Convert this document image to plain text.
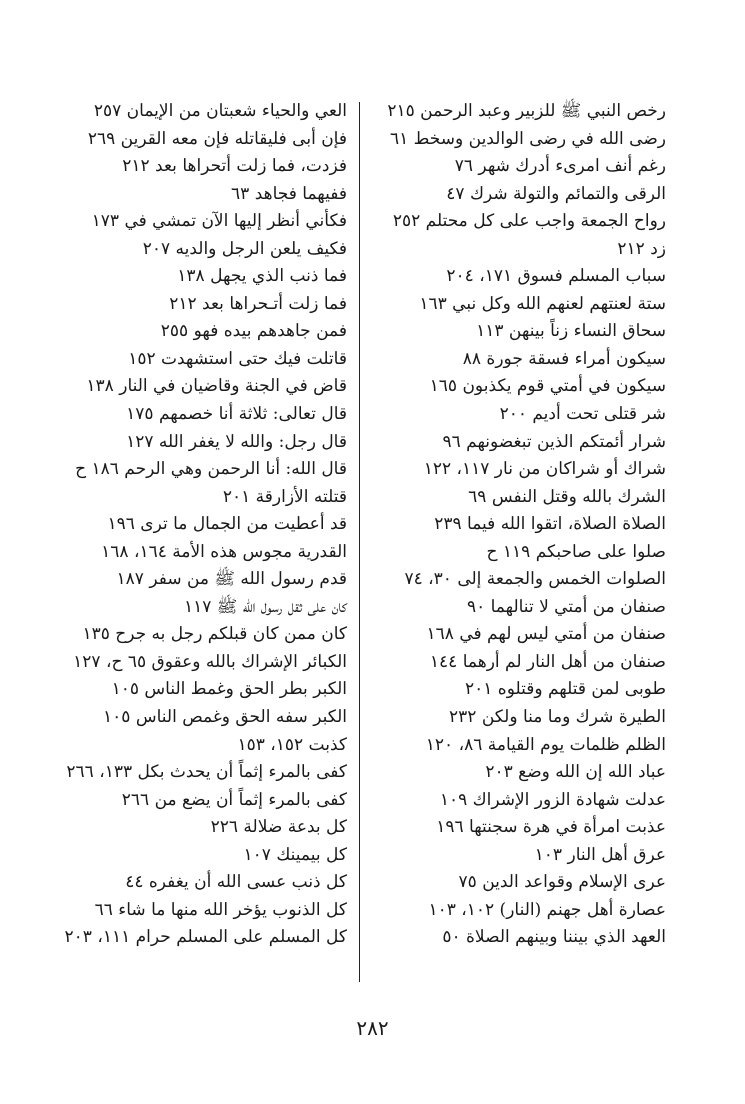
رخص النبي ﷺ للزبير وعبد الرحمن ٢١٥
رضى الله في رضى الوالدين وسخط ٦١
رغم أنف امرىء أدرك شهر ٧٦
الرقى والتمائم والتولة شرك ٤٧
رواح الجمعة واجب على كل محتلم ٢٥٢
زد ٢١٢
سباب المسلم فسوق ١٧١، ٢٠٤
ستة لعنتهم لعنهم الله وكل نبي ١٦٣
سحاق النساء زناً بينهن ١١٣
سيكون أمراء فسقة جورة ٨٨
سيكون في أمتي قوم يكذبون ١٦٥
شر قتلى تحت أديم ٢٠٠
شرار أئمتكم الذين تبغضونهم ٩٦
شراك أو شراكان من نار ١١٧، ١٢٢
الشرك بالله وقتل النفس ٦٩
الصلاة الصلاة، اتقوا الله فيما ٢٣٩
صلوا على صاحبكم ١١٩ ح
الصلوات الخمس والجمعة إلى ٣٠، ٧٤
صنفان من أمتي لا تنالهما ٩٠
صنفان من أمتي ليس لهم في ١٦٨
صنفان من أهل النار لم أرهما ١٤٤
طوبى لمن قتلهم وقتلوه ٢٠١
الطيرة شرك وما منا ولكن ٢٣٢
الظلم ظلمات يوم القيامة ٨٦، ١٢٠
عباد الله إن الله وضع ٢٠٣
عدلت شهادة الزور الإشراك ١٠٩
عذبت امرأة في هرة سجنتها ١٩٦
عرق أهل النار ١٠٣
عرى الإسلام وقواعد الدين ٧٥
عصارة أهل جهنم (النار) ١٠٢، ١٠٣
العهد الذي بيننا وبينهم الصلاة ٥٠
العي والحياء شعبتان من الإيمان ٢٥٧
فإن أبى فليقاتله فإن معه القرين ٢٦٩
فزدت، فما زلت أتحراها بعد ٢١٢
ففيهما فجاهد ٦٣
فكأني أنظر إليها الآن تمشي في ١٧٣
فكيف يلعن الرجل والديه ٢٠٧
فما ذنب الذي يجهل ١٣٨
فما زلت أتـحراها بعد ٢١٢
فمن جاهدهم بيده فهو ٢٥٥
قاتلت فيك حتى استشهدت ١٥٢
قاض في الجنة وقاضيان في النار ١٣٨
قال تعالى: ثلاثة أنا خصمهم ١٧٥
قال رجل: والله لا يغفر الله ١٢٧
قال الله: أنا الرحمن وهي الرحم ١٨٦ ح
قتلته الأزارقة ٢٠١
قد أعطيت من الجمال ما ترى ١٩٦
القدرية مجوس هذه الأمة ١٦٤، ١٦٨
قدم رسول الله ﷺ من سفر ١٨٧
كان على ثقل رسول الله ﷺ ١١٧
كان ممن كان قبلكم رجل به جرح ١٣٥
الكبائر الإشراك بالله وعقوق ٦٥ ح، ١٢٧
الكبر بطر الحق وغمط الناس ١٠٥
الكبر سفه الحق وغمص الناس ١٠٥
كذبت ١٥٢، ١٥٣
كفى بالمرء إثماً أن يحدث بكل ١٣٣، ٢٦٦
كفى بالمرء إثماً أن يضع من ٢٦٦
كل بدعة ضلالة ٢٢٦
كل بيمينك ١٠٧
كل ذنب عسى الله أن يغفره ٤٤
كل الذنوب يؤخر الله منها ما شاء ٦٦
كل المسلم على المسلم حرام ١١١، ٢٠٣
٢٨٢
